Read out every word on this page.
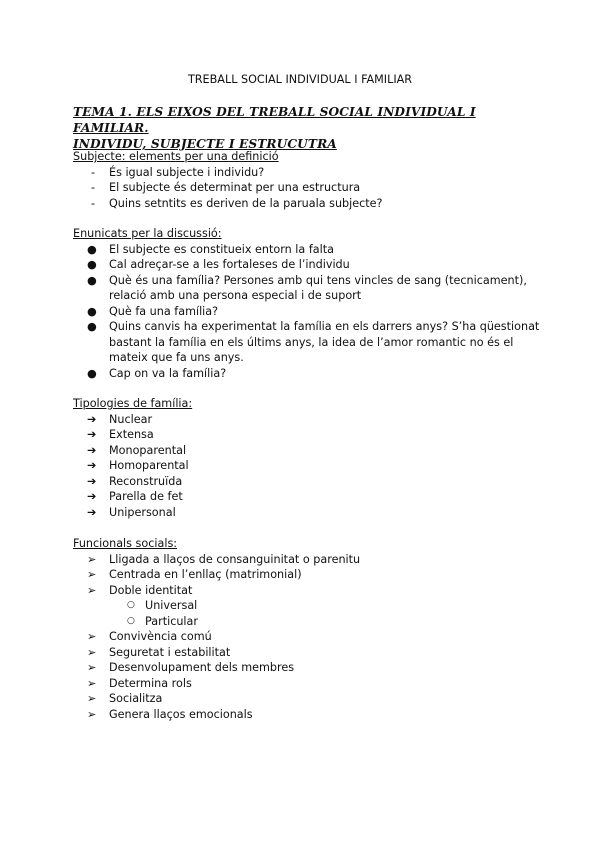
TREBALL SOCIAL INDIVIDUAL I FAMILIAR
TEMA 1. ELS EIXOS DEL TREBALL SOCIAL INDIVIDUAL I FAMILIAR.
INDIVIDU, SUBJECTE I ESTRUCUTRA
Subjecte: elements per una definició
-	És igual subjecte i individu?
-	El subjecte és determinat per una estructura
-	Quins setntits es deriven de la paruala subjecte?
Enunicats per la discussió:
●	El subjecte es constitueix entorn la falta
●	Cal adreçar-se a les fortaleses de l’individu
●	Què és una família? Persones amb qui tens vincles de sang (tecnicament), relació amb una persona especial i de suport
●	Què fa una família?
●	Quins canvis ha experimentat la família en els darrers anys? S’ha qüestionat bastant la família en els últims anys, la idea de l’amor romantic no és el mateix que fa uns anys.
●	Cap on va la família?
Tipologies de família:
➔	Nuclear
➔	Extensa
➔	Monoparental
➔	Homoparental
➔	Reconstruïda
➔	Parella de fet
➔	Unipersonal
Funcionals socials:
➢	Lligada a llaços de consanguinitat o parenitu
➢	Centrada en l’enllaç (matrimonial)
➢	Doble identitat
○ Universal
○ Particular
➢	Convivència comú
➢	Seguretat i estabilitat
➢	Desenvolupament dels membres
➢	Determina rols
➢	Socialitza
➢	Genera llaços emocionals
